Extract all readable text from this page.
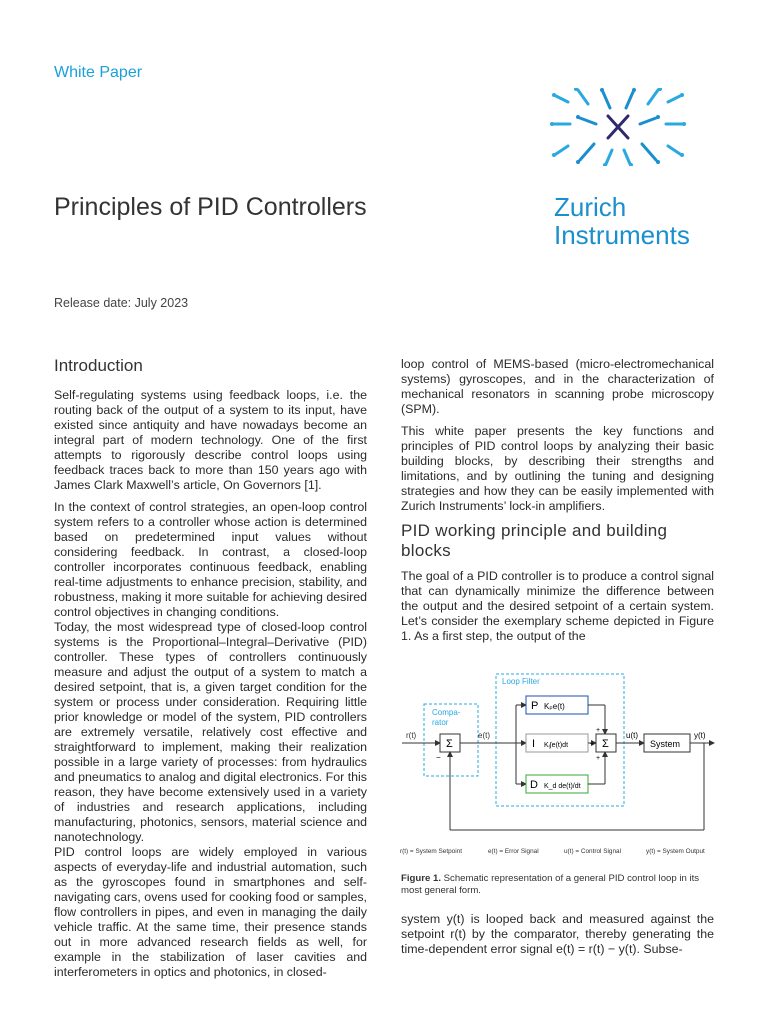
White Paper
Principles of PID Controllers	Zurich
Instruments
Release date: July 2023
Introduction

Self-regulating systems using feedback loops, i.e. the routing back of the output of a system to its input, have existed since antiquity and have nowadays become an integral part of modern technology. One of the first attempts to rigorously describe control loops using feedback traces back to more than 150 years ago with James Clark Maxwell’s article, On Governors [1].

In the context of control strategies, an open-loop control system refers to a controller whose action is determined based on predetermined input values without considering feedback. In contrast, a closed-loop controller incorporates continuous feedback, enabling real-time adjustments to enhance precision, stability, and robustness, making it more suitable for achieving desired control objectives in changing conditions.

Today, the most widespread type of closed-loop control systems is the Proportional–Integral–Derivative (PID) controller. These types of controllers continuously measure and adjust the output of a system to match a desired setpoint, that is, a given target condition for the system or process under consideration. Requiring little prior knowledge or model of the system, PID controllers are extremely versatile, relatively cost effective and straightforward to implement, making their realization possible in a large variety of processes: from hydraulics and pneumatics to analog and digital electronics. For this reason, they have become extensively used in a variety of industries and research applications, including manufacturing, photonics, sensors, material science and nanotechnology.

PID control loops are widely employed in various aspects of everyday-life and industrial automation, such as the gyroscopes found in smartphones and self-navigating cars, ovens used for cooking food or samples, flow controllers in pipes, and even in managing the daily vehicle traffic. At the same time, their presence stands out in more advanced research fields as well, for example in the stabilization of laser cavities and interferometers in optics and photonics, in closed-

loop control of MEMS-based (micro-electromechanical systems) gyroscopes, and in the characterization of mechanical resonators in scanning probe microscopy (SPM).

This white paper presents the key functions and principles of PID control loops by analyzing their basic building blocks, by describing their strengths and limitations, and by outlining the tuning and designing strategies and how they can be easily implemented with Zurich Instruments’ lock-in amplifiers.

PID working principle and building blocks

The goal of a PID controller is to produce a control signal that can dynamically minimize the difference between the output and the desired setpoint of a certain system. Let’s consider the exemplary scheme depicted in Figure 1. As a first step, the output of the

Loop Filter
Compa-
rator
r(t)
Σ
−
e(t)
P Kₚe(t)
I Kᵢ∫e(t)dt
D K_d de(t)/dt
Σ
+
+
+
u(t)
System
y(t)
r(t) = System Setpoint	e(t) = Error Signal	u(t) = Control Signal	y(t) = System Output
Figure 1. Schematic representation of a general PID control loop in its most general form.

system y(t) is looped back and measured against the setpoint r(t) by the comparator, thereby generating the time-dependent error signal e(t) = r(t) − y(t). Subse-
